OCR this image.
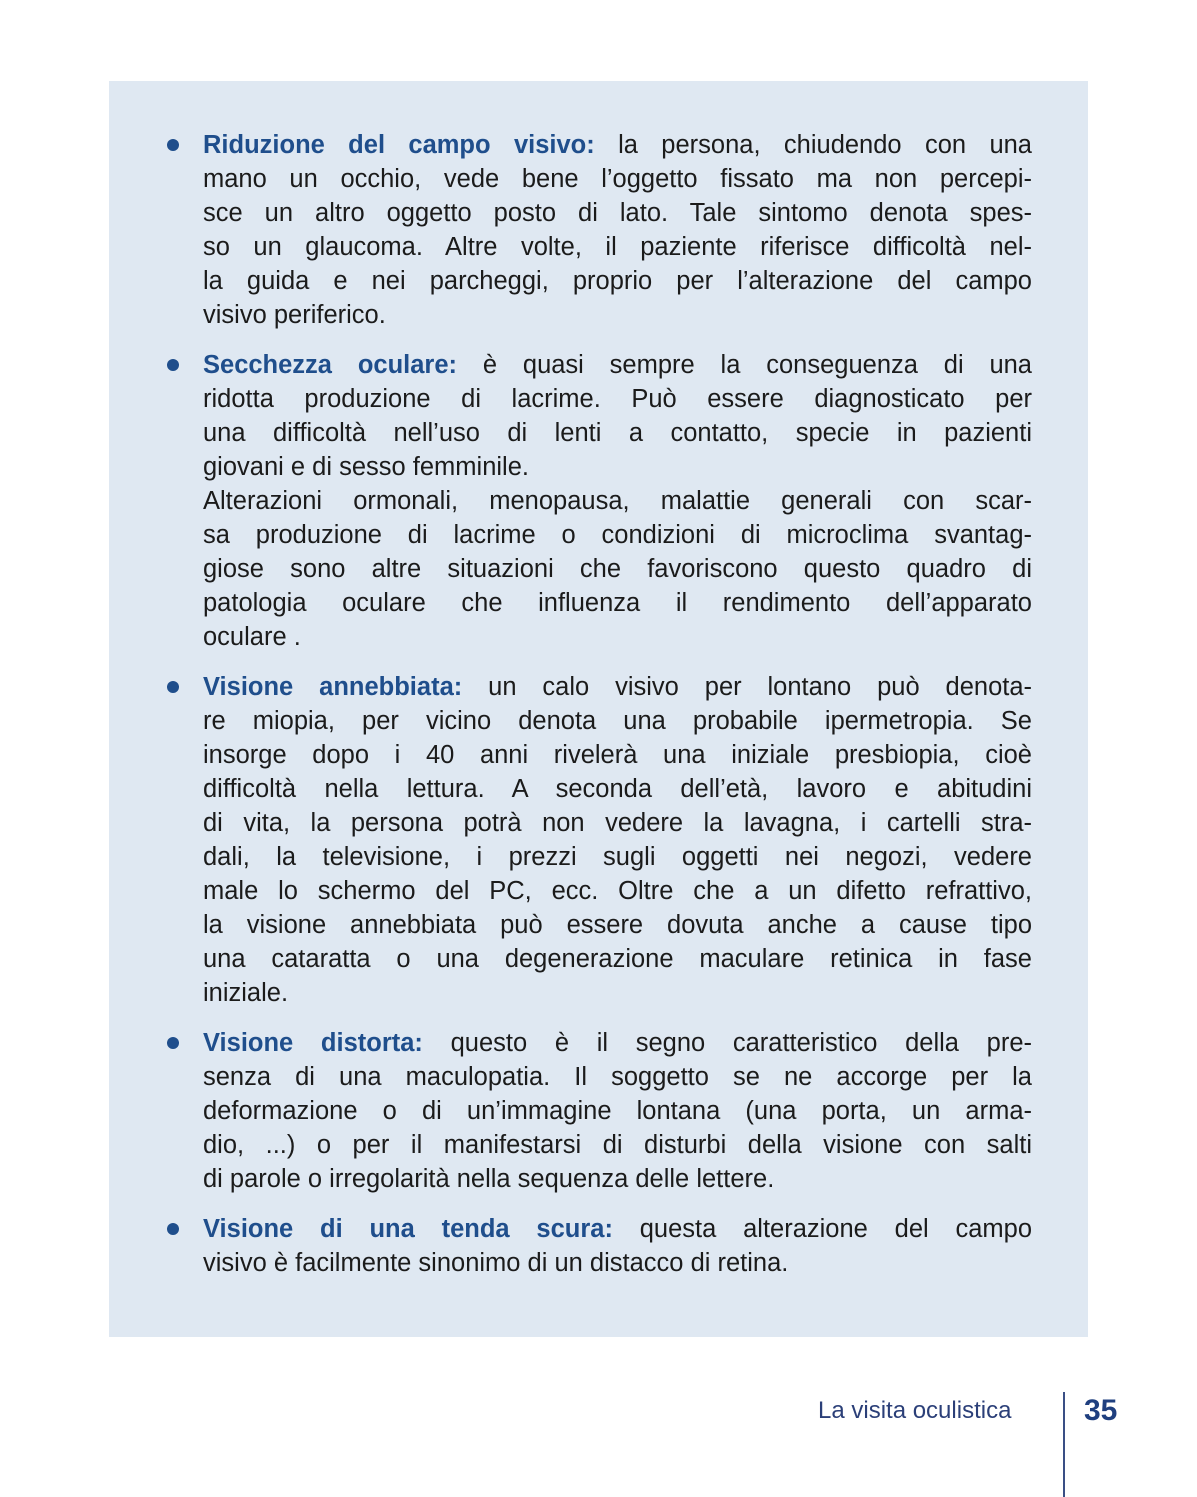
Riduzione del campo visivo: la persona, chiudendo con una
mano un occhio, vede bene l’oggetto fissato ma non percepi-
sce un altro oggetto posto di lato. Tale sintomo denota spes-
so un glaucoma. Altre volte, il paziente riferisce difficoltà nel-
la guida e nei parcheggi, proprio per l’alterazione del campo
visivo periferico.
Secchezza oculare: è quasi sempre la conseguenza di una
ridotta produzione di lacrime. Può essere diagnosticato per
una difficoltà nell’uso di lenti a contatto, specie in pazienti
giovani e di sesso femminile.
Alterazioni ormonali, menopausa, malattie generali con scar-
sa produzione di lacrime o condizioni di microclima svantag-
giose sono altre situazioni che favoriscono questo quadro di
patologia oculare che influenza il rendimento dell’apparato
oculare .
Visione annebbiata: un calo visivo per lontano può denota-
re miopia, per vicino denota una probabile ipermetropia. Se
insorge dopo i 40 anni rivelerà una iniziale presbiopia, cioè
difficoltà nella lettura. A seconda dell’età, lavoro e abitudini
di vita, la persona potrà non vedere la lavagna, i cartelli stra-
dali, la televisione, i prezzi sugli oggetti nei negozi, vedere
male lo schermo del PC, ecc. Oltre che a un difetto refrattivo,
la visione annebbiata può essere dovuta anche a cause tipo
una cataratta o una degenerazione maculare retinica in fase
iniziale.
Visione distorta: questo è il segno caratteristico della pre-
senza di una maculopatia. Il soggetto se ne accorge per la
deformazione o di un’immagine lontana (una porta, un arma-
dio, ...) o per il manifestarsi di disturbi della visione con salti
di parole o irregolarità nella sequenza delle lettere.
Visione di una tenda scura: questa alterazione del campo
visivo è facilmente sinonimo di un distacco di retina.
La visita oculistica 35
